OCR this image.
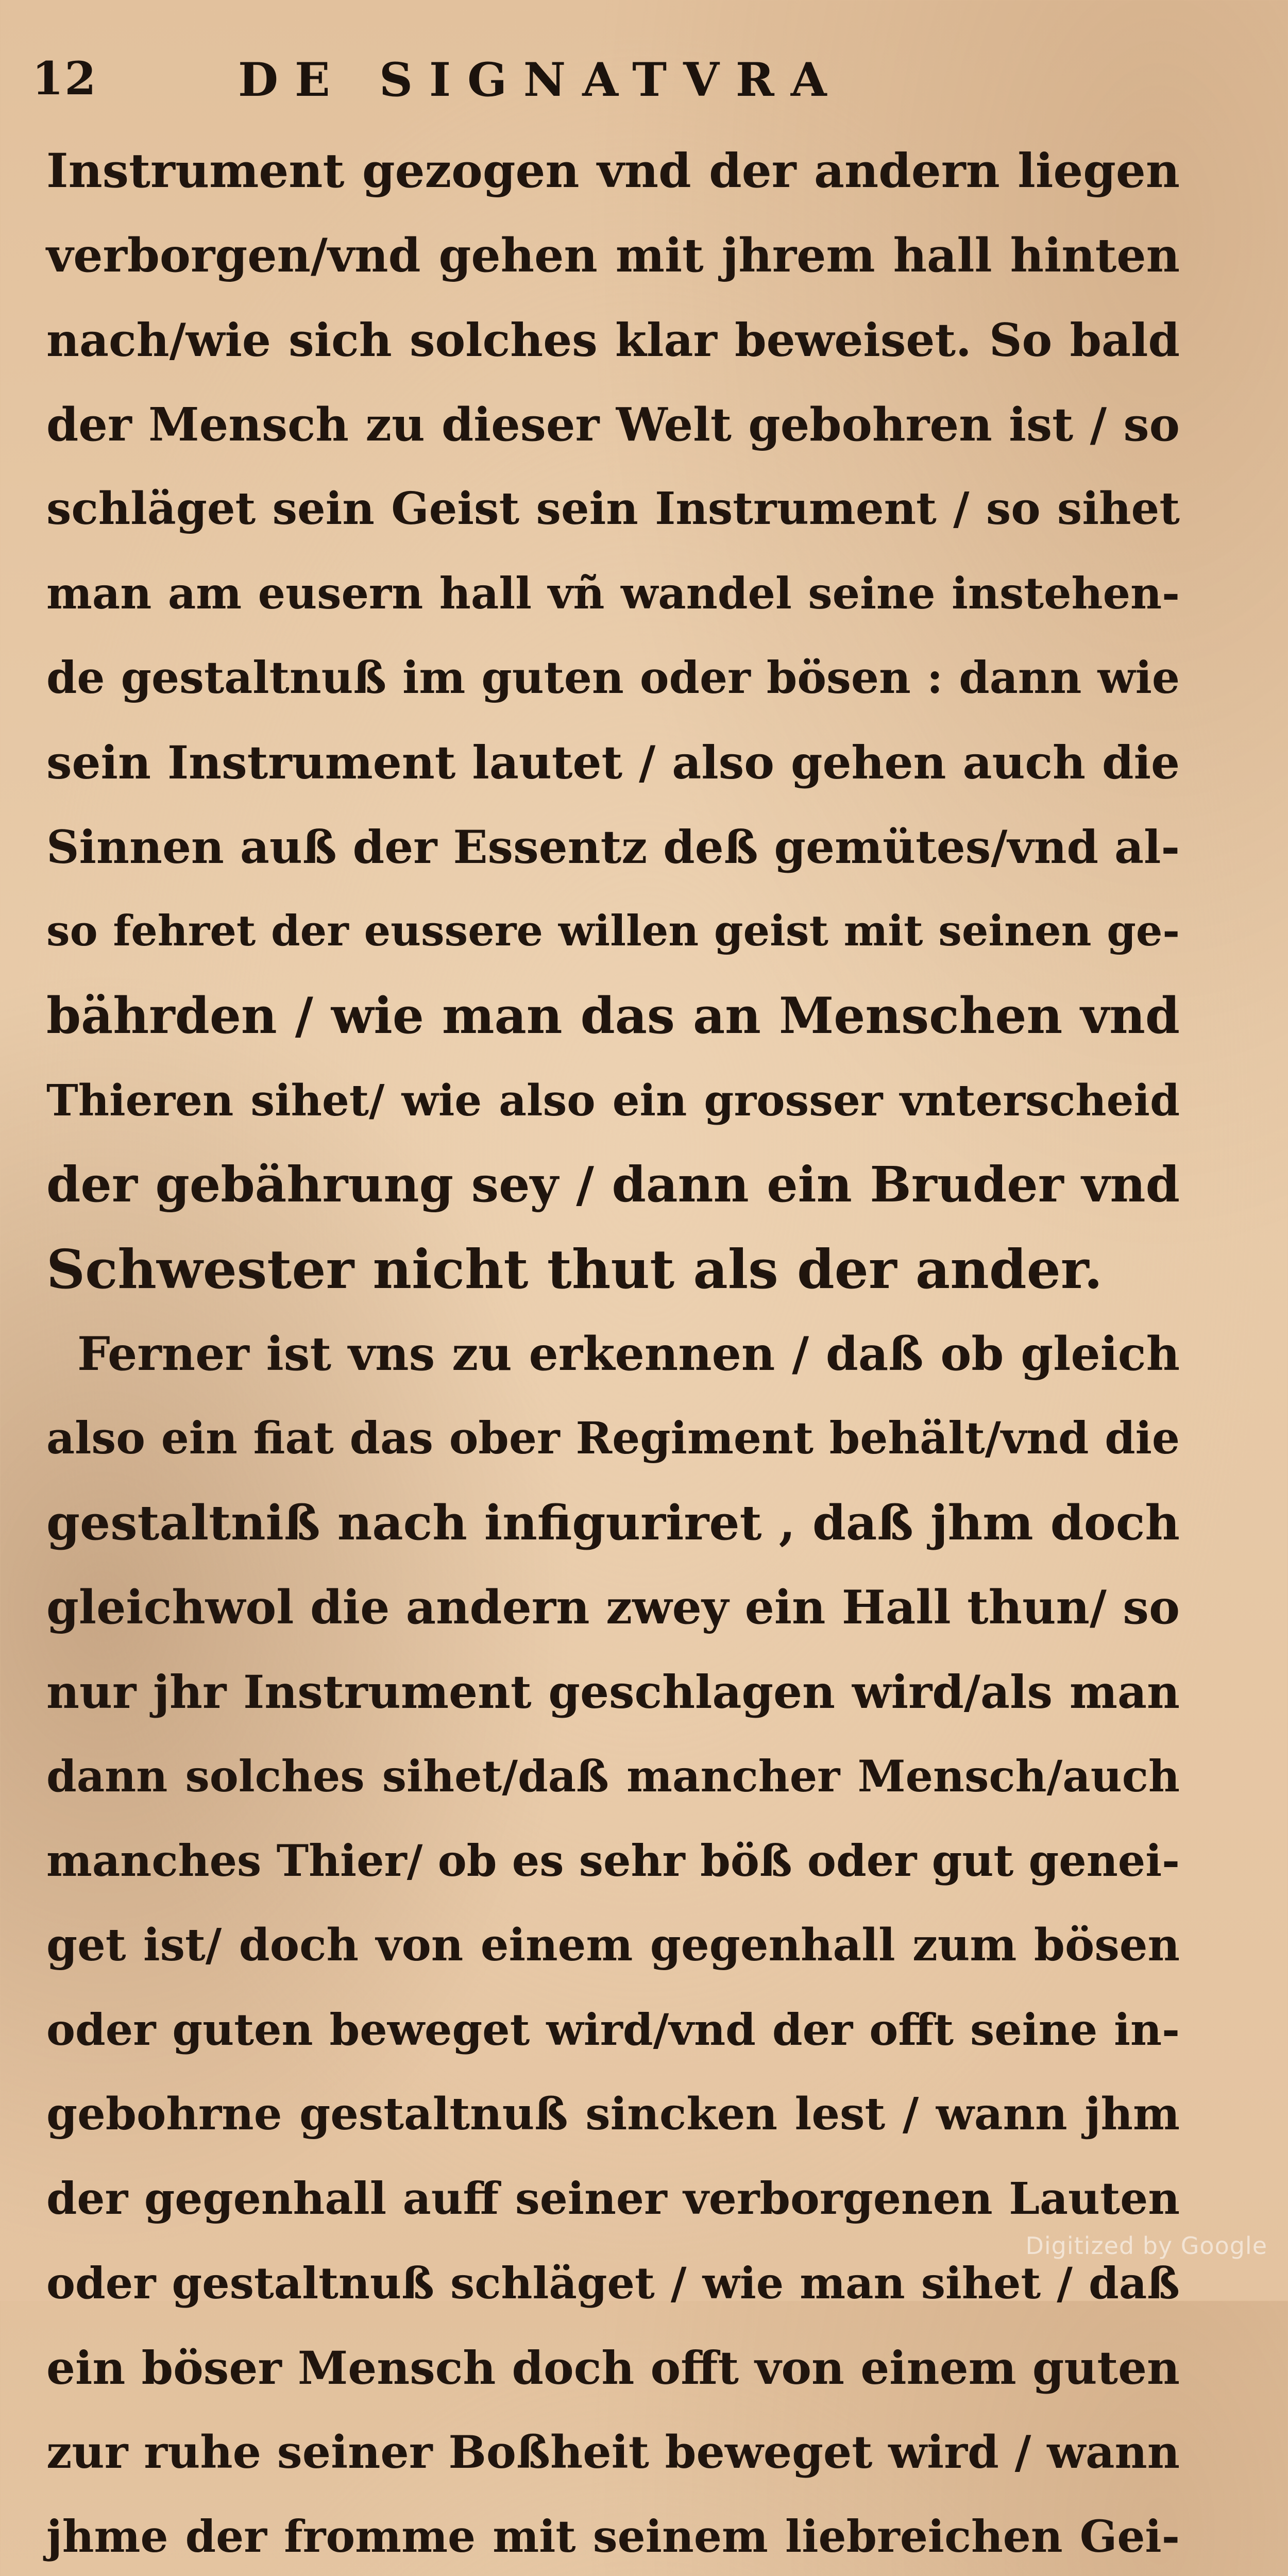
12	DE SIGNATVRA
Instrument gezogen vnd der andern liegen
verborgen/vnd gehen mit jhrem hall hinten
nach/wie sich solches klar beweiset. So bald
der Mensch zu dieser Welt gebohren ist / so
schläget sein Geist sein Instrument / so sihet
man am eusern hall vñ wandel seine instehen-
de gestaltnuß im guten oder bösen : dann wie
sein Instrument lautet / also gehen auch die
Sinnen auß der Essentz deß gemütes/vnd al-
so fehret der eussere willen geist mit seinen ge-
bährden / wie man das an Menschen vnd
Thieren sihet/ wie also ein grosser vnterscheid
der gebährung sey / dann ein Bruder vnd
Schwester nicht thut als der ander.
Ferner ist vns zu erkennen / daß ob gleich
also ein fiat das ober Regiment behält/vnd die
gestaltniß nach infiguriret , daß jhm doch
gleichwol die andern zwey ein Hall thun/ so
nur jhr Instrument geschlagen wird/als man
dann solches sihet/daß mancher Mensch/auch
manches Thier/ ob es sehr böß oder gut genei-
get ist/ doch von einem gegenhall zum bösen
oder guten beweget wird/vnd der offt seine in-
gebohrne gestaltnuß sincken lest / wann jhm
der gegenhall auff seiner verborgenen Lauten
oder gestaltnuß schläget / wie man sihet / daß
ein böser Mensch doch offt von einem guten
zur ruhe seiner Boßheit beweget wird / wann
jhme der fromme mit seinem liebreichen Gei-
Digitized by Google
